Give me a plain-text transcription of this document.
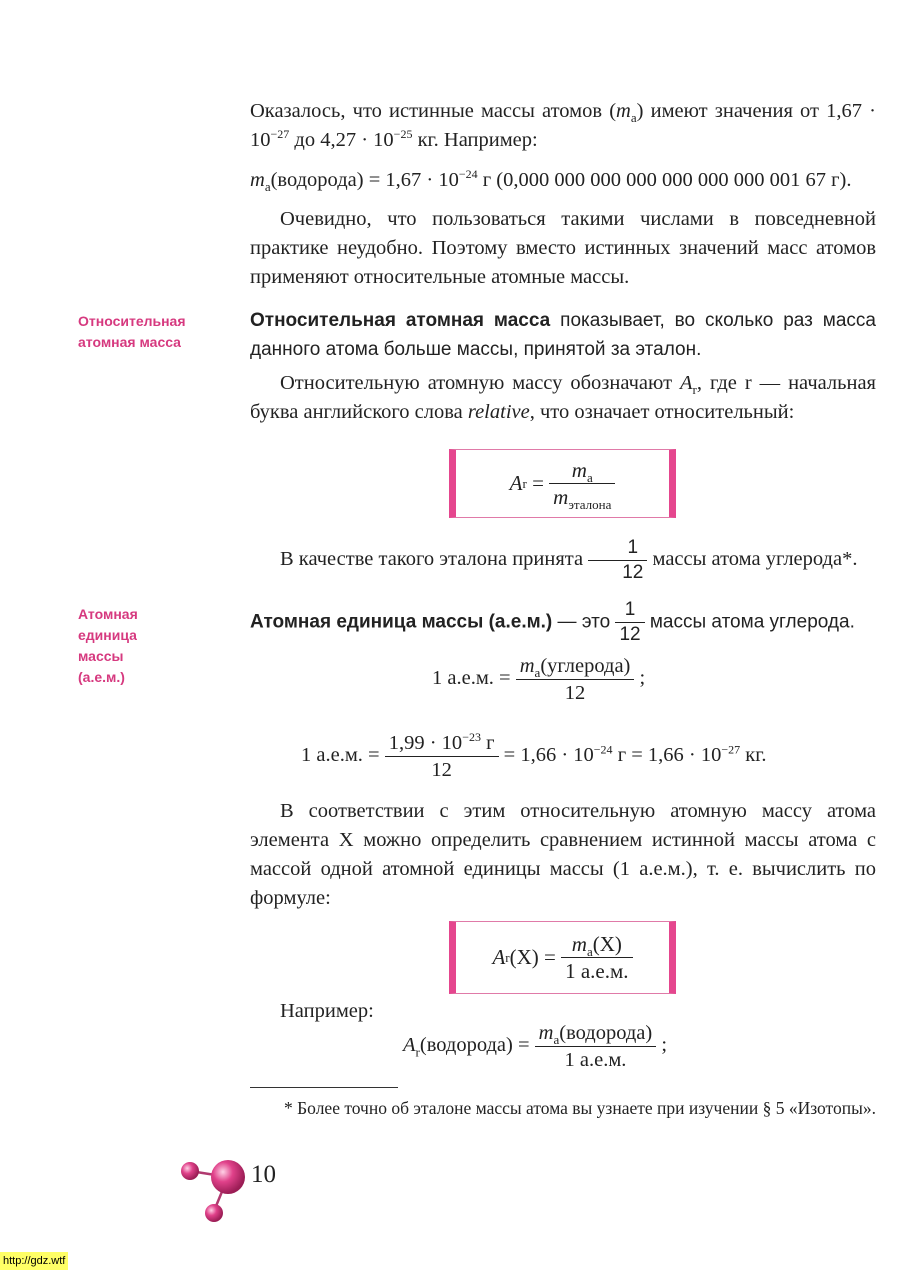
Оказалось, что истинные массы атомов $(m_а)$ имеют значения от $1,67 \cdot 10^{-27}$ до $4,27 \cdot 10^{-25}$ кг. Например:
$m_а(водорода) = 1,67 \cdot 10^{-24}$ г (0,000 000 000 000 000 000 000 001 67 г).
Очевидно, что пользоваться такими числами в повседневной практике неудобно. Поэтому вместо истинных значений масс атомов применяют относительные атомные массы.
Относительная атомная масса
Относительная атомная масса показывает, во сколько раз масса данного атома больше массы, принятой за эталон.
Относительную атомную массу обозначают $A_r$, где r — начальная буква английского слова relative, что означает относительный:
A $r = \frac{m_а}{m_{эталона}}$
В качестве такого эталона принята $\frac{1}{12}$ массы атома углерода*.
Атомная единица массы (а.е.м.)
Атомная единица массы (а.е.м.) — это $\frac{1}{12}$ массы атома углерода.
1 а.е.м. = $\frac{m_а(углерода)}{12}$ ;
1 а.е.м. = $\frac{1,99 \cdot 10^{-23} г}{12} = 1,66 \cdot 10^{-24}$ $г = 1,66 \cdot 10^{-27}$ кг.
В соответствии с этим относительную атомную массу атома элемента X можно определить сравнением истинной массы атома с массой одной атомной единицы массы (1 а.е.м.), т. е. вычислить по формуле:
A r $(X) = \frac{m_а(X)}{1 а.е.м.}$
Например:
$A_r(водорода) = \frac{m_а(водорода)}{1 а.е.м.}$ ;
* Более точно об эталоне массы атома вы узнаете при изучении § 5 «Изотопы».
10
http://gdz.wtf
